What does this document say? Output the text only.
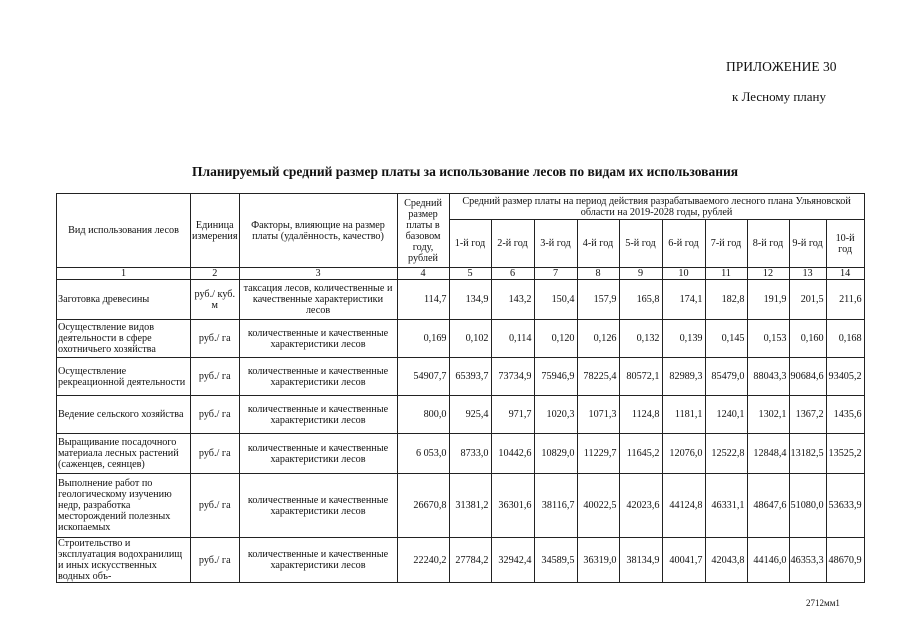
ПРИЛОЖЕНИЕ 30
к Лесному плану
Планируемый средний размер платы за использование лесов по видам их использования
Вид использования лесов	Единица измерения	Факторы, влияющие на размер платы (удалённость, качество)	Средний размер платы в базовом году, рублей	Средний размер платы на период действия разрабатываемого лесного плана Ульяновской области на 2019-2028 годы, рублей									
				1-й год	2-й год	3-й год	4-й год	5-й год	6-й год	7-й год	8-й год	9-й год	10-й год
1	2	3	4	5	6	7	8	9	10	11	12	13	14
Заготовка древесины	руб./ куб. м	таксация лесов, количественные и качественные характеристики лесов	114,7	134,9	143,2	150,4	157,9	165,8	174,1	182,8	191,9	201,5	211,6
Осуществление видов деятельности в сфере охотничьего хозяйства	руб./ га	количественные и качественные характеристики лесов	0,169	0,102	0,114	0,120	0,126	0,132	0,139	0,145	0,153	0,160	0,168
Осуществление рекреационной деятельности	руб./ га	количественные и качественные характеристики лесов	54907,7	65393,7	73734,9	75946,9	78225,4	80572,1	82989,3	85479,0	88043,3	90684,6	93405,2
Ведение сельского хозяйства	руб./ га	количественные и качественные характеристики лесов	800,0	925,4	971,7	1020,3	1071,3	1124,8	1181,1	1240,1	1302,1	1367,2	1435,6
Выращивание посадочного материала лесных растений (саженцев, сеянцев)	руб./ га	количественные и качественные характеристики лесов	6 053,0	8733,0	10442,6	10829,0	11229,7	11645,2	12076,0	12522,8	12848,4	13182,5	13525,2
Выполнение работ по геологическому изучению недр, разработка месторождений полезных ископаемых	руб./ га	количественные и качественные характеристики лесов	26670,8	31381,2	36301,6	38116,7	40022,5	42023,6	44124,8	46331,1	48647,6	51080,0	53633,9
Строительство и эксплуатация водохранилищ и иных искусственных водных объ-	руб./ га	количественные и качественные характеристики лесов	22240,2	27784,2	32942,4	34589,5	36319,0	38134,9	40041,7	42043,8	44146,0	46353,3	48670,9
2712мм1
